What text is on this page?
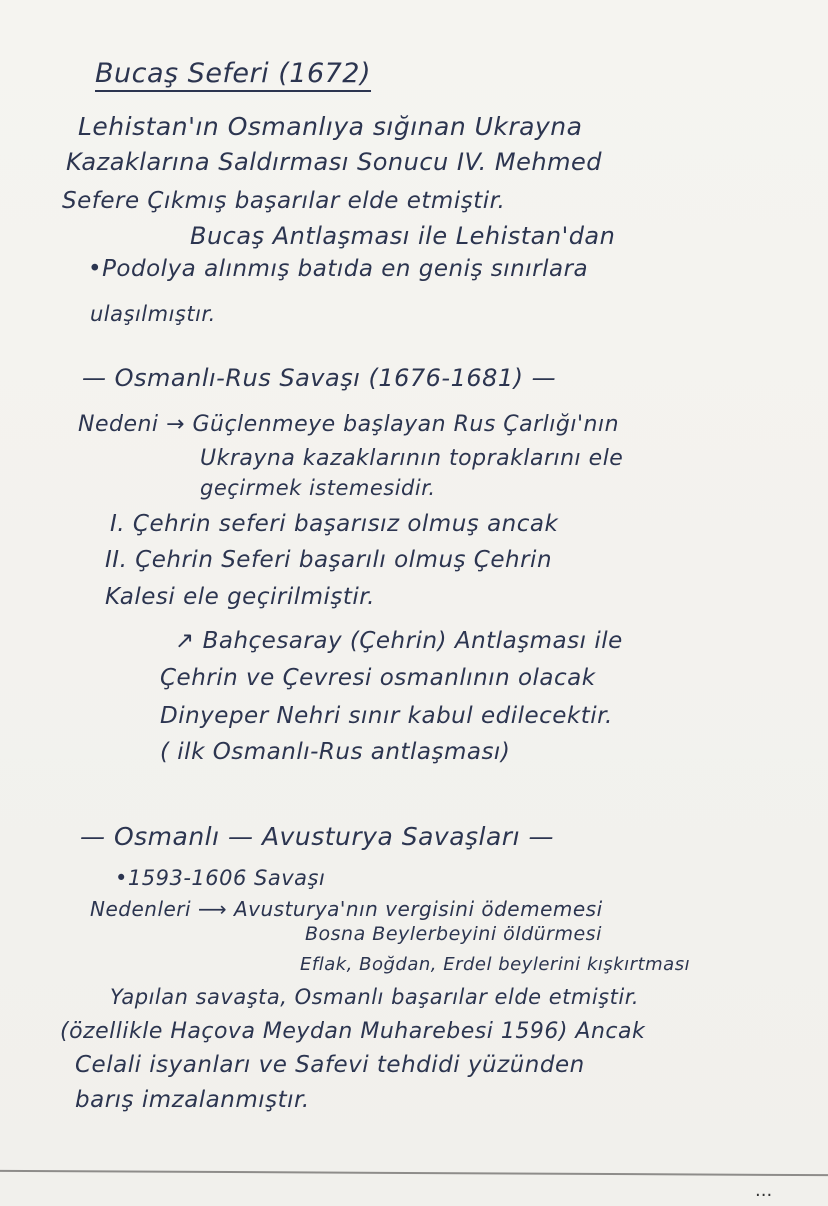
Bucaş Seferi (1672)
Lehistan'ın Osmanlıya sığınan Ukrayna
Kazaklarına Saldırması Sonucu IV. Mehmed
Sefere Çıkmış başarılar elde etmiştir.
Bucaş Antlaşması ile Lehistan'dan
•Podolya alınmış batıda en geniş sınırlara
ulaşılmıştır.
— Osmanlı-Rus Savaşı (1676-1681) —
Nedeni → Güçlenmeye başlayan Rus Çarlığı'nın
Ukrayna kazaklarının topraklarını ele
geçirmek istemesidir.
I. Çehrin seferi başarısız olmuş ancak
II. Çehrin Seferi başarılı olmuş Çehrin
Kalesi ele geçirilmiştir.
↗ Bahçesaray (Çehrin) Antlaşması ile
Çehrin ve Çevresi osmanlının olacak
Dinyeper Nehri sınır kabul edilecektir.
( ilk Osmanlı-Rus antlaşması)
— Osmanlı — Avusturya Savaşları —
•1593-1606 Savaşı
Nedenleri ⟶ Avusturya'nın vergisini ödememesi
Bosna Beylerbeyini öldürmesi
Eflak, Boğdan, Erdel beylerini kışkırtması
Yapılan savaşta, Osmanlı başarılar elde etmiştir.
(özellikle Haçova Meydan Muharebesi 1596) Ancak
Celali isyanları ve Safevi tehdidi yüzünden
barış imzalanmıştır.
...
